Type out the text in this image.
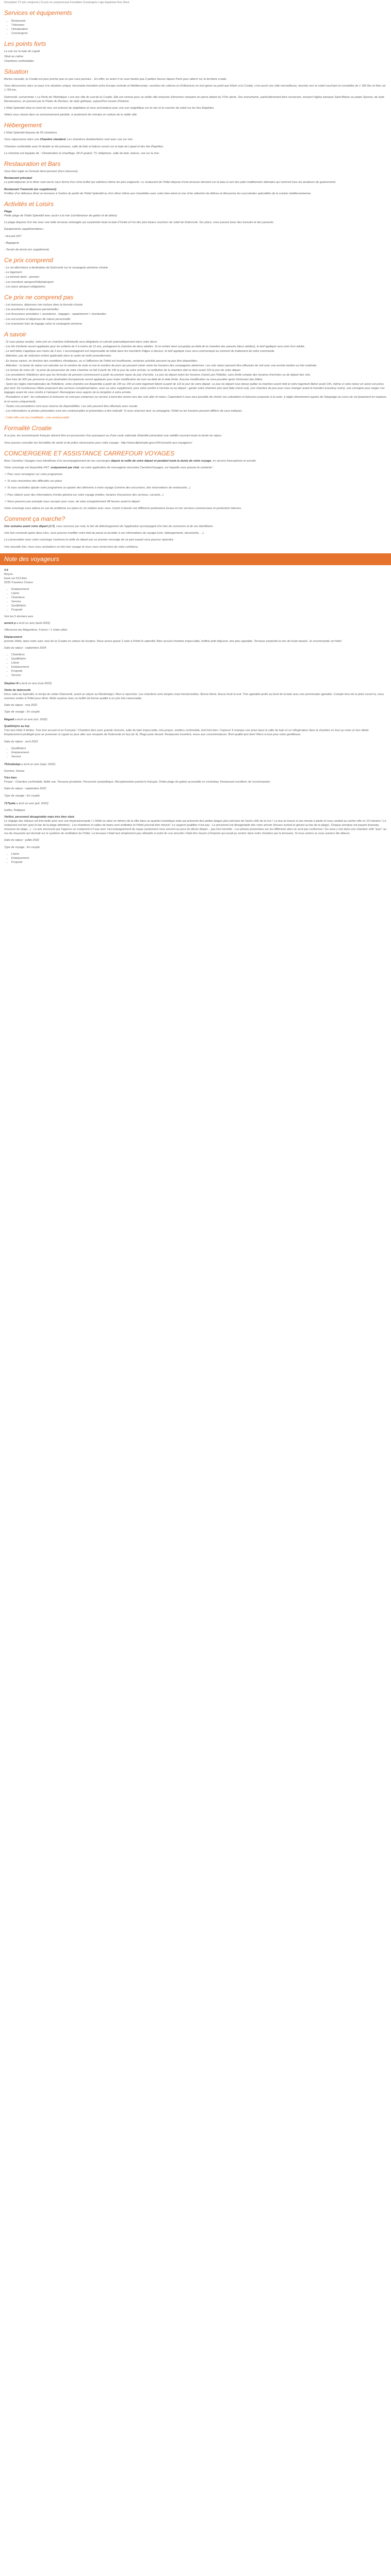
Description CV prix comprend | Ce prix ne comprend pas Formalités Conciergerie Loge tripadvisor Avis Client
Services et équipements
• Restaurant
• Télévision
• Climatisation
• Conciergerie
Les points forts

La vue sur la baie de Lapad

Situé au calme

Chambres confortables

Situation

Bonne nouvelle, la Croatie est plus proche que ce que vous pensiez... En effet, en avion il ne vous faudra que 2 petites heures depuis Paris pour atterrir sur le territoire croate.

Vous découvrirez alors un pays à la situation unique, fascinante transition entre Europe centrale et Méditerranée, carrefour de cultures et d'influences en tout genre au point que Marin à la Croatie, c'est aussi une côte merveilleuse, tournée vers le soleil couchant et constellée de 1 185 îles et îlots sur 1 750 km.

Dubrovnik, surnommée « La Perle de l'Adriatique » est une ville du sud de la Croatie. Elle est connue pour sa vieille ville entourée d'énormes remparts en pierre datant du XVIe siècle. Ses monuments, particulièrement bien conservés, incluent l'église baroque Saint-Blaise ou palais Sponza, de style Renaissance, en passant par le Palais du Recteur, de style gothique, aujourd'hui musée d'histoire.

L'hôtel Splendid situé en bord de mer, est entouré de végétation et vous enchantera avec une vue magnifique sur la mer et le coucher de soleil sur les îles Elaphites.

Sélect vous classé dans un environnement paisible, à seulement dix minutes en voiture de la vieille ville.

Hébergement

L'hôtel Splendid dispose de 59 chambres.

Vous séjournerez dans une Chambre standard. Les chambres doubles/twins sont avec vue sur mer.

Chambre confortable avec lit double ou lits jumeaux, salle de bain et balcon ouvert sur la baie de Lapad et des îles Élaphites.

La chambre est équipée de : Climatisation et chauffage, Wi-Fi gratuit, TV, téléphone, salle de bain, balcon, vue sur la mer.

Restauration et Bars

Vous êtes logés en formule demi-pension (hors boissons).

Restaurant principal

Le petit-déjeuner et le dîner sont servis sous forme d'un riche buffet qui satisfera même les plus exigeants. Le restaurant de l'hôtel dispose d'une terrasse donnant sur la baie et sert des plats traditionnels dalmates qui ravirront tous les amateurs de gastronomie.

Restaurant Tramonto (en supplément)

Profitez d'un délicieux dîner en terrasse à l'ombre du jardin de l'hôtel Splendid ou d'un dîner intime aux chandelles avec votre bien-aimé et une riche sélection de délices et découvrez les succulentes spécialités de la cuisine méditerranéenne.

Activités et Loisirs
Plage

Petite plage de l'hôtel Splendid avec accès à la mer (combinaison de galets et de béton).

La plage dispose d'un bar avec une belle terrasse ombragée qui surplombe toute la baie d'Uvala et l'un des plus beaux couchers de soleil de Dubrovnik. Sur place, vous pouvez louer des transats et des parasols.

Équipements supplémentaires :

- Accueil 24/7

- Bagagerie

- Terrain de tennis (en supplément)

Ce prix comprend

- Le vol aller/retour à destination de Dubrovnik sur la compagnie aérienne choisie

- Le logement

- La formule demi - pension

- Les transferts aéroport/hôtel/aéroport

- Les taxes aéroport obligatoires

Ce prix ne comprend pas

- Les boissons, dépenses non inclues dans la formule choisie

- Les pourboires et dépenses personnelles

- Les Assurance annulation + assistance - bagages - rapatriement + éventuelles

- Les excursions et dépenses de nature personnelle

- Les éventuels frais de bagage selon la compagnie aérienne

A savoir

- Si vous partez seul(e), votre prix en chambre individuelle sera obligatoire et calculé automatiquement dans votre devis.

- Les lits d'enfants seront appliqués pour les enfants de 2 à moins de 12 ans, partageant la chambre de deux adultes. Si un enfant vient occupé(e) au-delà de la chambre des parents (deux adultes), le tarif appliqué sera celui d'un adulte.

- Le tarif bébé s'applique aux moins de 2 ans. L'accompagnant est responsable du bébé dans les transferts d'âges ci-dessus, le tarif appliqué vous sera communiqué au moment du traitement de votre commande.

- Attention, pas de réduction enfant applicable dans le cadre de tarifs promotionnels.

- En basse saison, en fonction des conditions climatiques, ou si l'affluence de l'hôtel est insuffisante, certaines activités peuvent ne pas être disponibles.

- Attention : la durée du séjour est calculée sur le nombre de nuits et non le nombre de jours qui peuvent varier selon les horaires des compagnies aériennes. Les vols retour peuvent être effectués de nuit avec une arrivée tardive ou très matinale.

- La remise de votre clé : la prise de possession de votre chambre se fait à partir de 14h le jour de votre arrivée, la restitution de la chambre doit se faire avant 12h le jour de votre départ.

- Les prestations hôtelières ainsi que les formules de pension commencent à partir du premier repas du jour d'arrivée. Le jour du départ selon les horaires choisis par l'hôtelier, sans limité compte des horaires d'arrivées ou de départ des vols.

- Des frais de 50€ par personne et par destination Européenne seront appliqués pour toute modification de nom au-delà de la date limite. Aucune modification ne sera possible après l'émission des billets.

- Selon les règles internationales de l'hôtellerie, votre chambre est disponible à partir de 14h ou 15h et votre logement libéré à partir de 11h le jour de votre départ. Le jour du départ vous devez quitter la chambre avant midi et votre logement libéré avant 10h, même si votre retour en avion est prévu plus tard. De nombreuse hôtels proposent des services complémentaires, avec ou sans supplément, pour votre confort à l'arrivée ou au départ : garder votre chambre plus tard (late check-out), une chambre de jour pour vous changer avant le transfert (courtesy room), une consigne pour ranger vos bagages avant de vous rendre à l'aéroport. Renseignez-vous auprès de la réception à votre arrivée.

- Prestations à tarif : les cotisations et boissons ne sont pas comprises au service à bord des avions lors des vols aller et retour. Cependant il vous sera possible de choisir vos cotisations et boissons proposés à la carte, à régler directement auprès de l'équipage au cours du vol (paiement en espèces et en euros uniquement).

- Toutes nos prestations sont sous réserve de disponibilités. Les vols peuvent être effectués avec escale.

- Les informations et photos présentées sont non contractuelles et présentées à titre indicatif. Si vous réservez tard, la compagnie, l'hôtel ou les horaires peuvent différer de ceux indiqués.

- Cette offre est non modifiable - non remboursable

Formalité Croatie

A ce jour, les ressortissants français doivent être en possession d'un passeport ou d'une carte nationale d'identité présentant une validité couvrant toute la durée du séjour.

Vous pouvez consulter les formalités de santé et de police nécessaires pour votre voyage : http://www.diplomatie.gouv.fr/fr/conseils-aux-voyageurs/

CONCIERGERIE ET ASSISTANCE CARREFOUR VOYAGES

Avec Carrefour Voyages vous bénéficiez d'un accompagnement de nos concierges depuis la veille de votre départ et pendant toute la durée de votre voyage, en service francophone et assisté.

Votre concierge est disponible 24/7, uniquement par chat, via votre application de messagerie sécurisée CarrefourVoyages, sur laquelle vous pouvez le contacter :

✓ Pour vous renseigner sur votre programme

✓ Si vous rencontrez des difficultés sur place

✓ Si vous souhaitez ajouter votre programme ou ajouter des éléments à votre voyage (comme des excursions, des réservations de restaurants...)

✓ Pour obtenir avoir des informations d'ordre général sur votre voyage (météo, horaires d'ouverture des services, conseils...)

✓ Nous pouvons par exemple nous occuper pour vous, de votre enregistrement 48 heures avant le départ.

Votre concierge vous aidera en cas de problème sur place et, en relation avec vous. Il joint si besoin vos différents partenaires locaux et nos services commerciaux et production internes.

Comment ça marche?

Une semaine avant votre départ (J-7), vous recevrez par mail, le lien de téléchargement de l'application accompagné d'un lien de connexion et de vos identifiants.

Une fois connecté après deux clics, vous pourrez modifier votre état de passe et accéder à vos informations de voyage (vols, hébergements, documents, ...).

La conversation avec votre concierge s'activera la veille du départ par un premier message de sa part auquel vous pourrez répondre.

Une nouvelle fois, nous vous souhaitons un très bon voyage et nous vous remercions de votre confiance.

Note des voyageurs
3.9
Moyen
basé sur 613 Avis
2025 Travelers Choice
• Emplacement
• Literie
• Chambres
• Service
• Qualité/prix
• Propreté

Voir les 5 derniers avis

annick p a écrit un avis (août 2025)

Villeneuve-les-Maguelone, France • 1 relais utiles

Déplacement

premier Hôtel, dans notre auto -tour de la Croatie en voiture de location. Nous avons passé 2 nuits à l'hôtel le splendid. Bien accueil chambre impeccable, buffets petit déjeuner, des plus agréable. Terrasse surplomb la mer de toute beauté. Je recommande cet hôtel

Date du séjour : septembre 2024

• Chambres
• Qualité/prix
• Literie
• Emplacement
• Propreté
• Service

Stephan N a écrit un avis (mai 2023)

Visite de dubrovnik

Deux nuits au Splendid, le temps de visiter Dubrovnik, avant un séjour au Monténégro. Rien à reprocher. Les chambres sont simples mais fonctionnelles. Bonne literie. Aucun bruit la nuit. Très agréable jardin au bord de la baie avec une promenade agréable. Compte tenu de la piste ouvert la, nous sommes restés à l'hôtel pour dîner. Belle surprise avec un buffet de bonne qualité à un prix très raisonnable.

Date du séjour : mai 2022

Type de voyage : En couple

Magaid a écrit un avis (oct. 2022)

Qualité/prix au top

Très bon hôtel 3 étoiles. Très bon accueil et en Français ! Chambre bien avec grande rénovée, salle de bain impeccable, très propre, oreillers confortable, bref très bien. Copieux! Il manque une prise dans la salle de bain et un réfrigérateur dans la chambre en tout ça reste un bon détail. Emplacement privilégié pour se promener à Lapad ou pour aller aux remparts de Dubrovnik en bus (le 4). Plage juste devant. Restaurant excellent, menu aux consommateurs. Bref qualité-prix bien! Merci à tous pour votre gentillesse.

Date du séjour : avril 2023

• Qualité/prix
• Emplacement
• Service

751nebeleja a écrit un avis (sept. 2022)

Genève, Suisse

Très bien

Propre - Chambre confortable. Belle vue. Terrasse privatisée. Personnel sympathique. Réceptionniste parlant le français. Petite plage de galets accessible en contrebas. Restaurant excellent, de recommander.

Date du séjour : septembre 2022

Type de voyage : En couple

717lydie a écrit un avis (juil. 2022)

Isalles, Belgique

Vieillot, personnel désagréable mais très bien situé

Le règlage des rideaux est très belle avec une vue impressionnante ! L'Hôtel se situe en dehors de la ville dans un quartier touristique mais qui présente des petites plages plus précises de l'autre côté de la rive ! La bus se trouve à une minute à pieds et vous conduit au centre ville en 10 minutes ! Le restaurant est bon (pas le bar de la plage attention) - Les chambres et salles de bains sont vieillottes et l'hôtel pourrait être rénové ! Le support qualifiée n'est pas - Le personnel est désagréable dès votre arrivée (fousez surtout le gérant au bar de la plage). Chaque semaine est payant (transats, mousses de plage...) - Le prix annoncés par l'agence ne comprend ni l'eau avec l'accompagnement du repas (seulement vous servent au pour de décès départ... pas très honnête - Les photos présentées sur les différents sites ne sont pas conformes ! En sous y mis dans une chambre côté "parc" au rez-de-chaussée qui donnait sur le système de ventilation de l'hôtel. La terrasse n'était tout simplement pas utilisable et point de vue sécurité c'était très moyen (n'importe qui aurait pu rentrer dans notre chambre par la terrasse). Si nous avions su nous aurions été ailleurs.

Date du séjour : juillet 2022

Type de voyage : En couple

• Literie
• Emplacement
• Propreté
